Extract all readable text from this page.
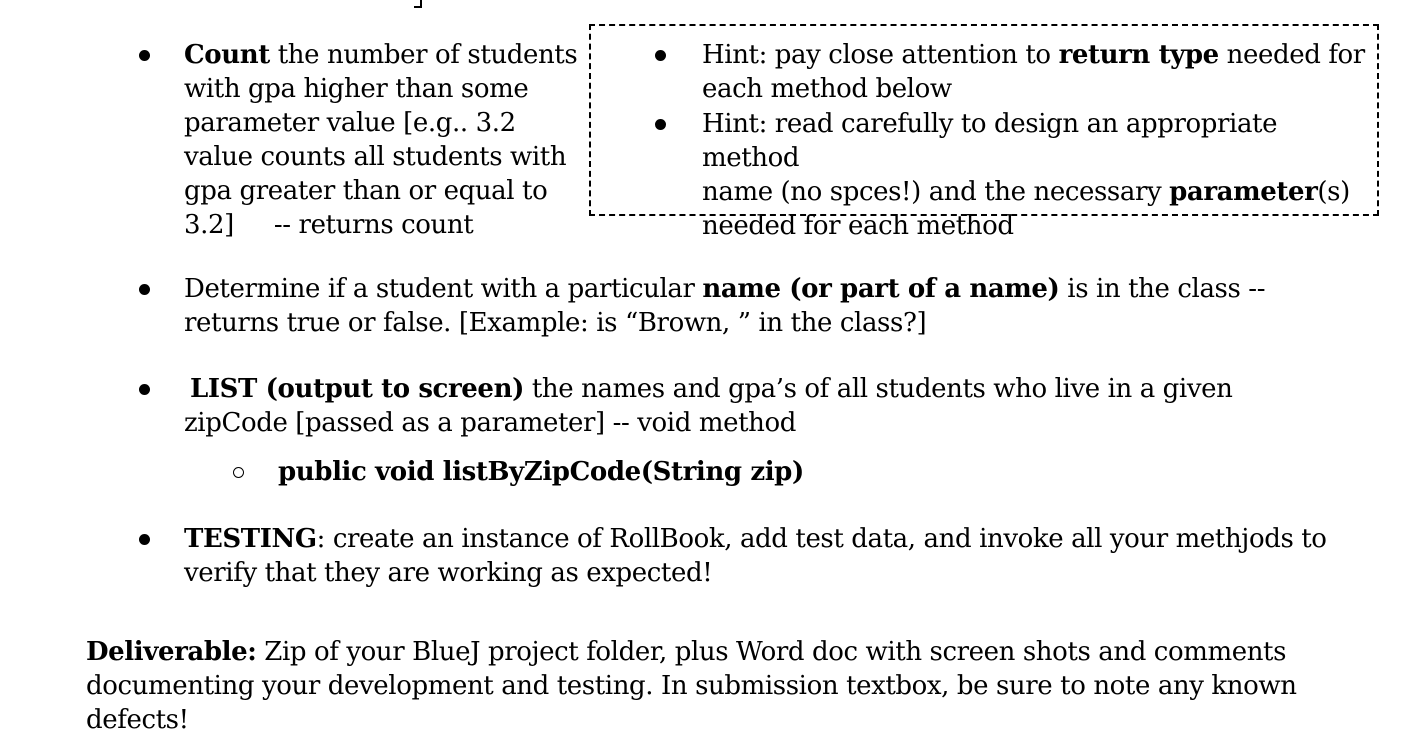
Count the number of students
with gpa higher than some
parameter value [e.g.. 3.2
value counts all students with
gpa greater than or equal to
3.2] -- returns count
Hint: pay close attention to return type needed for
each method below
Hint: read carefully to design an appropriate method
name (no spces!) and the necessary parameter(s)
needed for each method
Determine if a student with a particular name (or part of a name) is in the class --
returns true or false. [Example: is “Brown, ” in the class?]
LIST (output to screen) the names and gpa’s of all students who live in a given
zipCode [passed as a parameter] -- void method
public void listByZipCode(String zip)
TESTING: create an instance of RollBook, add test data, and invoke all your methjods to
verify that they are working as expected!
Deliverable: Zip of your BlueJ project folder, plus Word doc with screen shots and comments
documenting your development and testing. In submission textbox, be sure to note any known
defects!
